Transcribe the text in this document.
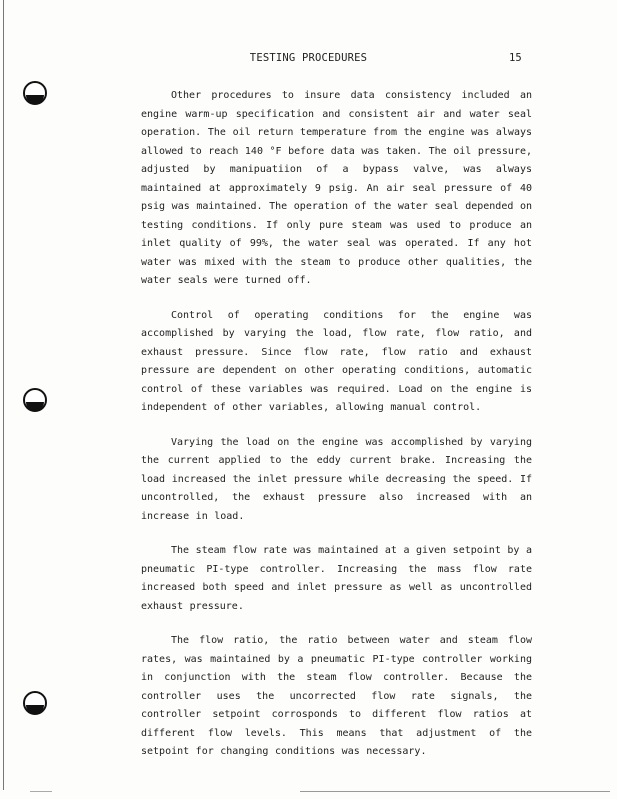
TESTING PROCEDURES	15

Other procedures to insure data consistency included an engine warm-up specification and consistent air and water seal operation. The oil return temperature from the engine was always allowed to reach 140 °F before data was taken. The oil pressure, adjusted by manipuatiion of a bypass valve, was always maintained at approximately 9 psig. An air seal pressure of 40 psig was maintained. The operation of the water seal depended on testing conditions. If only pure steam was used to produce an inlet quality of 99%, the water seal was operated. If any hot water was mixed with the steam to produce other qualities, the water seals were turned off.

Control of operating conditions for the engine was accomplished by varying the load, flow rate, flow ratio, and exhaust pressure. Since flow rate, flow ratio and exhaust pressure are dependent on other operating conditions, automatic control of these variables was required. Load on the engine is independent of other variables, allowing manual control.

Varying the load on the engine was accomplished by varying the current applied to the eddy current brake. Increasing the load increased the inlet pressure while decreasing the speed. If uncontrolled, the exhaust pressure also increased with an increase in load.

The steam flow rate was maintained at a given setpoint by a pneumatic PI-type controller. Increasing the mass flow rate increased both speed and inlet pressure as well as uncontrolled exhaust pressure.

The flow ratio, the ratio between water and steam flow rates, was maintained by a pneumatic PI-type controller working in conjunction with the steam flow controller. Because the controller uses the uncorrected flow rate signals, the controller setpoint corrosponds to different flow ratios at different flow levels. This means that adjustment of the setpoint for changing conditions was necessary.
